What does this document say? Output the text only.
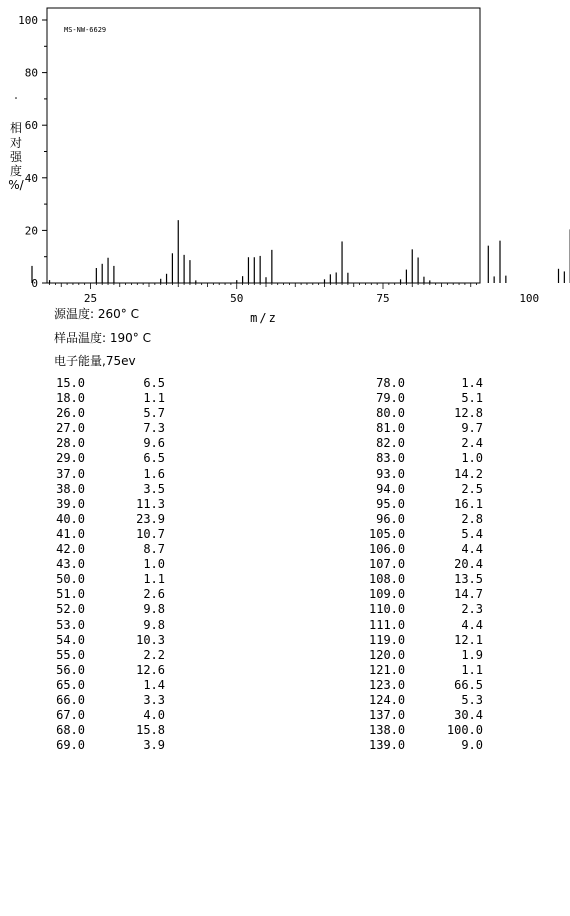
MS-NW-6629
0
20
40
60
80
100
25	50	75	100
m/z
相
对
强
度
%/
源温度: 260° C
样品温度: 190° C
电子能量,75ev
15.0	6.5
18.0	1.1
26.0	5.7
27.0	7.3
28.0	9.6
29.0	6.5
37.0	1.6
38.0	3.5
39.0	11.3
40.0	23.9
41.0	10.7
42.0	8.7
43.0	1.0
50.0	1.1
51.0	2.6
52.0	9.8
53.0	9.8
54.0	10.3
55.0	2.2
56.0	12.6
65.0	1.4
66.0	3.3
67.0	4.0
68.0	15.8
69.0	3.9
78.0	1.4
79.0	5.1
80.0	12.8
81.0	9.7
82.0	2.4
83.0	1.0
93.0	14.2
94.0	2.5
95.0	16.1
96.0	2.8
105.0	5.4
106.0	4.4
107.0	20.4
108.0	13.5
109.0	14.7
110.0	2.3
111.0	4.4
119.0	12.1
120.0	1.9
121.0	1.1
123.0	66.5
124.0	5.3
137.0	30.4
138.0	100.0
139.0	9.0
